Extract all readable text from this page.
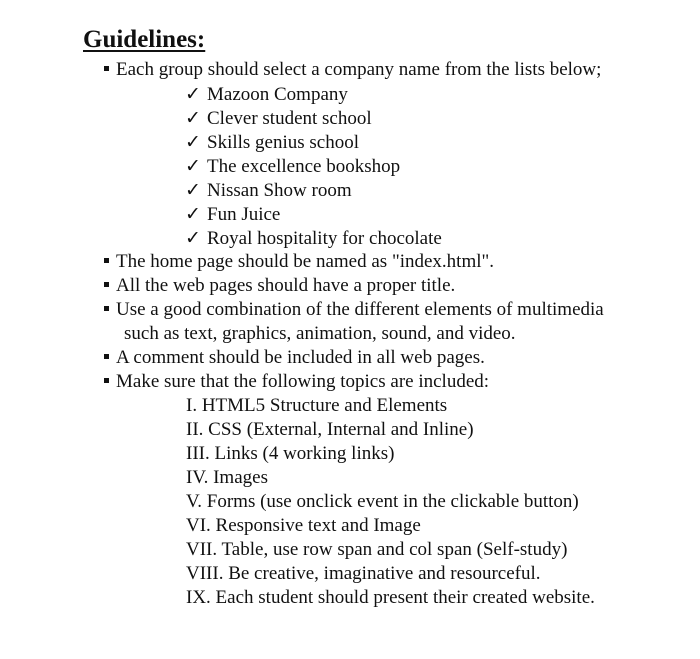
Guidelines:
Each group should select a company name from the lists below;
✓ Mazoon Company
✓ Clever student school
✓ Skills genius school
✓ The excellence bookshop
✓ Nissan Show room
✓ Fun Juice
✓ Royal hospitality for chocolate
The home page should be named as "index.html".
All the web pages should have a proper title.
Use a good combination of the different elements of multimedia
such as text, graphics, animation, sound, and video.
A comment should be included in all web pages.
Make sure that the following topics are included:
I. HTML5 Structure and Elements
II. CSS (External, Internal and Inline)
III. Links (4 working links)
IV. Images
V. Forms (use onclick event in the clickable button)
VI. Responsive text and Image
VII. Table, use row span and col span (Self-study)
VIII. Be creative, imaginative and resourceful.
IX. Each student should present their created website.
